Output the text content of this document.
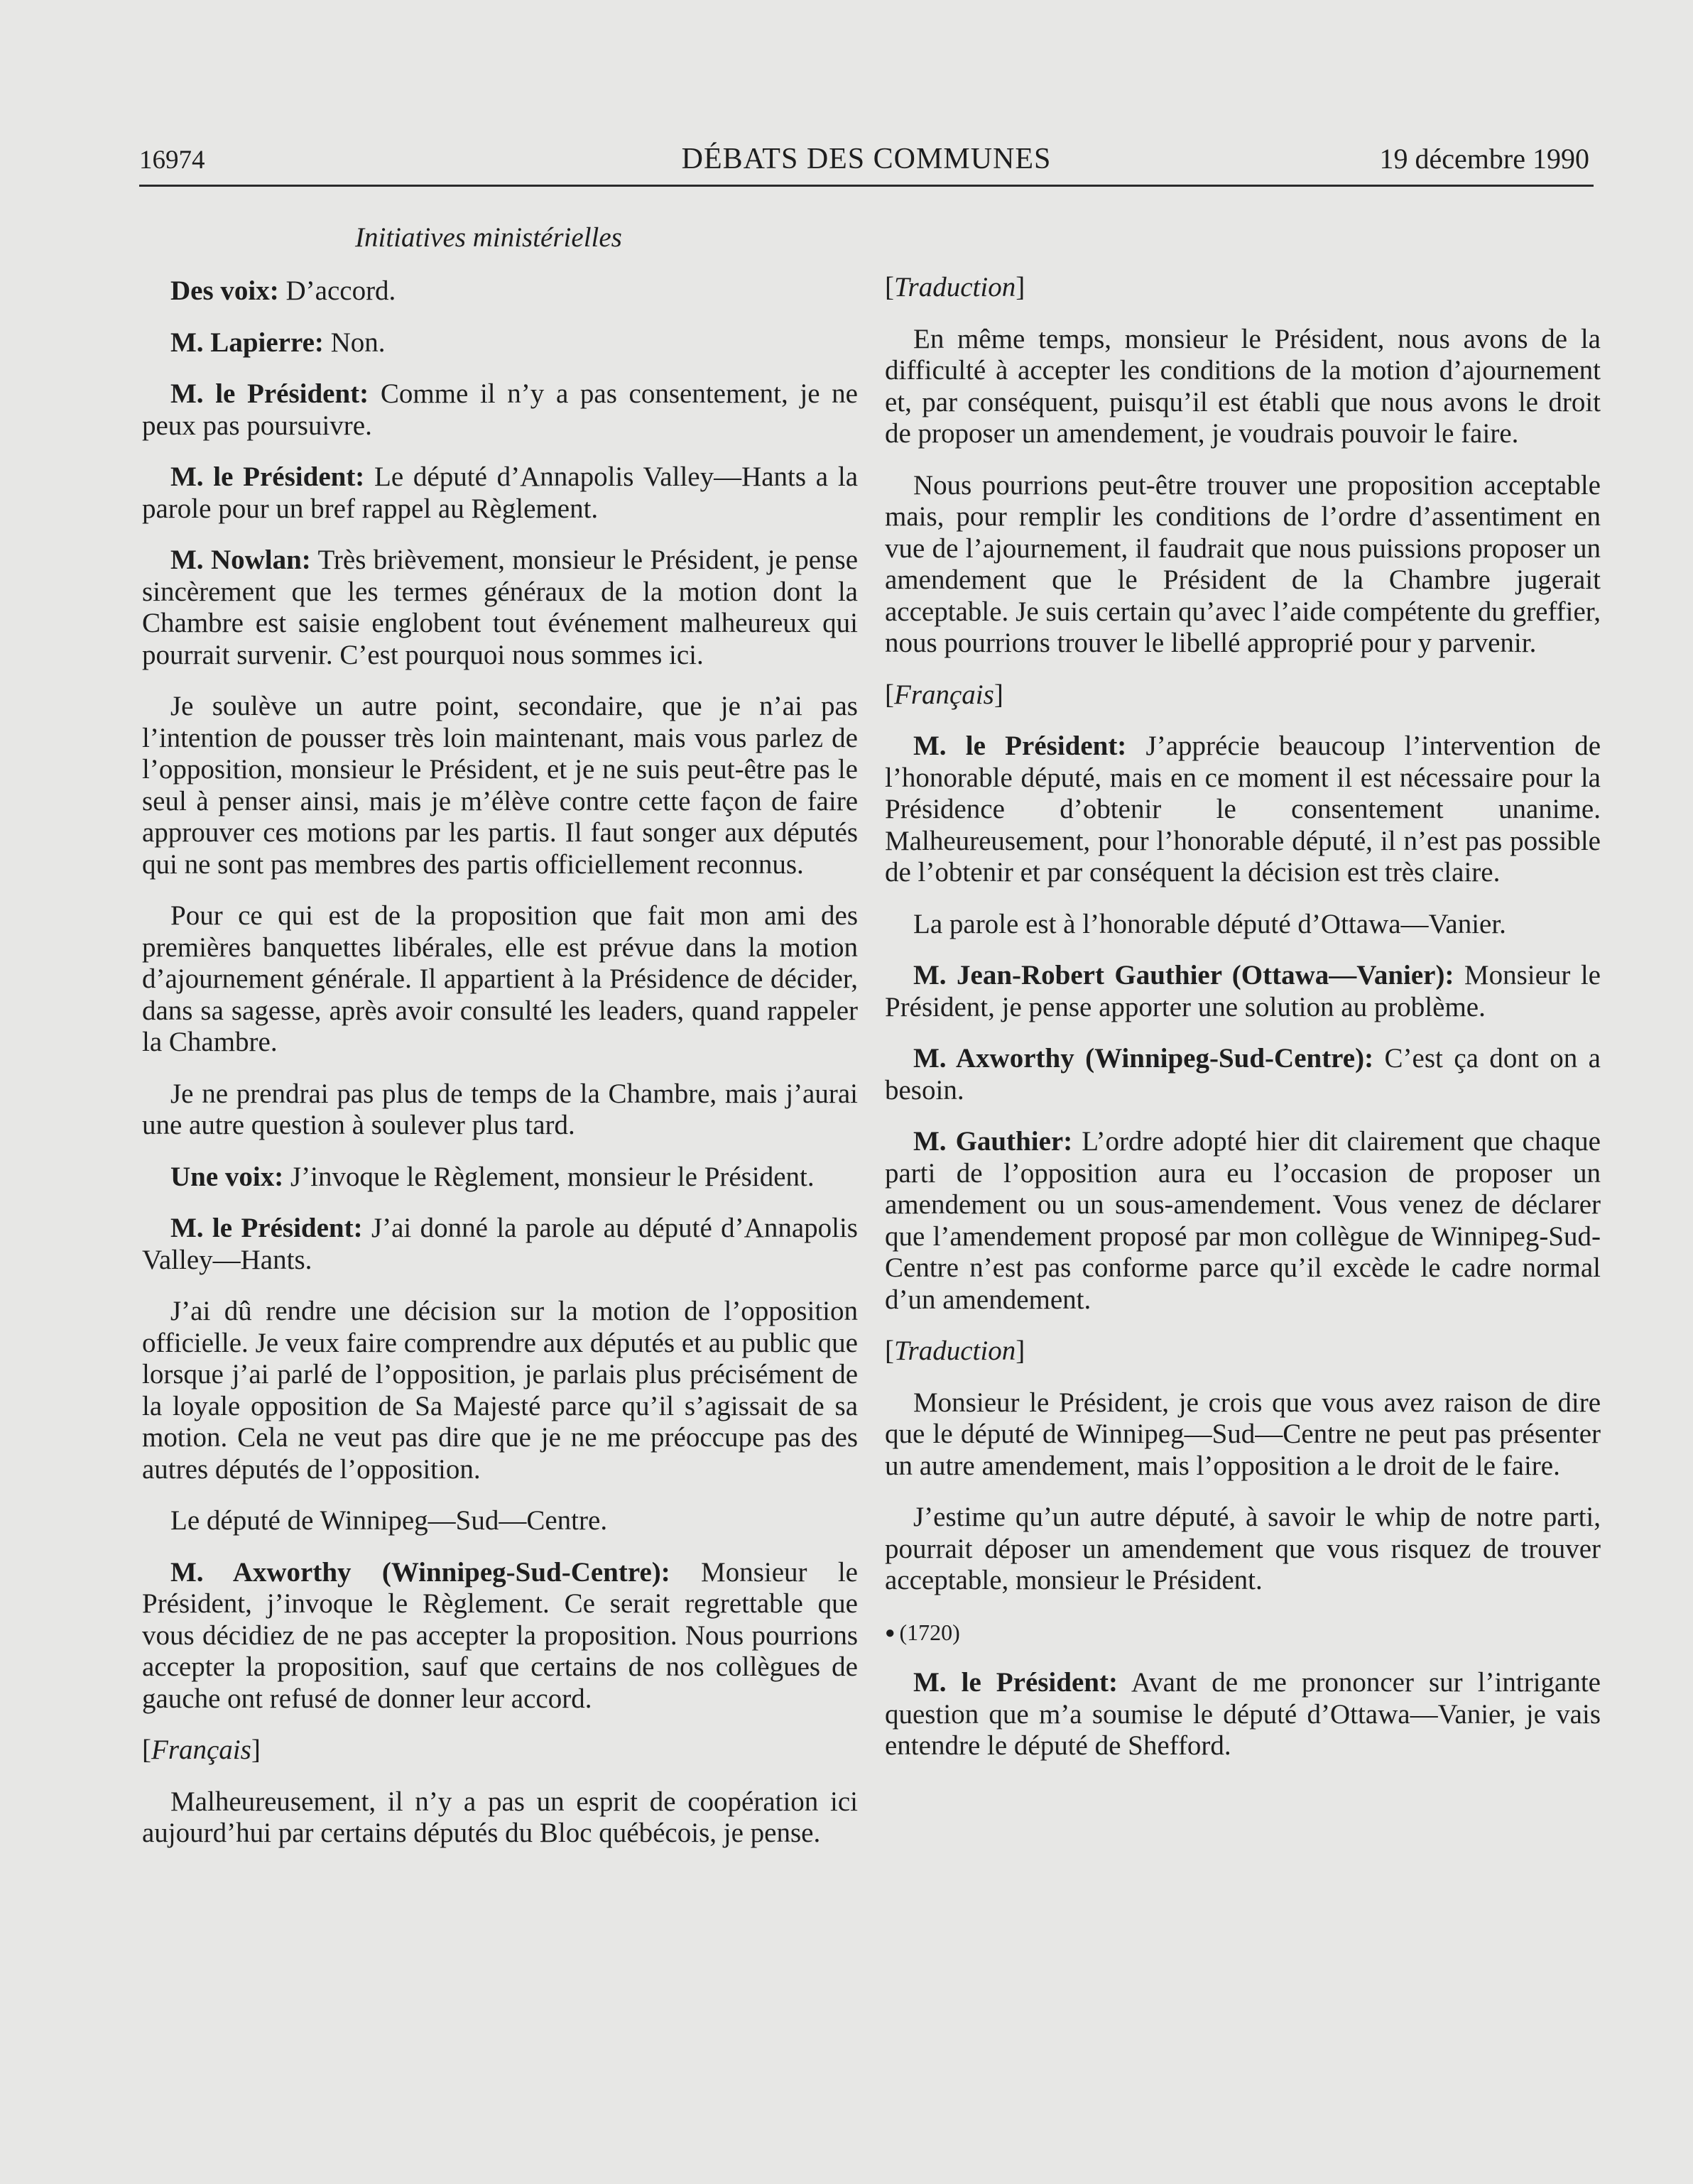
16974	DÉBATS DES COMMUNES	19 décembre 1990
Initiatives ministérielles

Des voix: D’accord.

M. Lapierre: Non.

M. le Président: Comme il n’y a pas consentement, je ne peux pas poursuivre.

M. le Président: Le député d’Annapolis Valley—Hants a la parole pour un bref rappel au Règlement.

M. Nowlan: Très brièvement, monsieur le Président, je pense sincèrement que les termes généraux de la motion dont la Chambre est saisie englobent tout événement malheureux qui pourrait survenir. C’est pourquoi nous sommes ici.

Je soulève un autre point, secondaire, que je n’ai pas l’intention de pousser très loin maintenant, mais vous parlez de l’opposition, monsieur le Président, et je ne suis peut-être pas le seul à penser ainsi, mais je m’élève contre cette façon de faire approuver ces motions par les partis. Il faut songer aux députés qui ne sont pas membres des partis officiellement reconnus.

Pour ce qui est de la proposition que fait mon ami des premières banquettes libérales, elle est prévue dans la motion d’ajournement générale. Il appartient à la Présidence de décider, dans sa sagesse, après avoir consulté les leaders, quand rappeler la Chambre.

Je ne prendrai pas plus de temps de la Chambre, mais j’aurai une autre question à soulever plus tard.

Une voix: J’invoque le Règlement, monsieur le Président.

M. le Président: J’ai donné la parole au député d’Annapolis Valley—Hants.

J’ai dû rendre une décision sur la motion de l’opposition officielle. Je veux faire comprendre aux députés et au public que lorsque j’ai parlé de l’opposition, je parlais plus précisément de la loyale opposition de Sa Majesté parce qu’il s’agissait de sa motion. Cela ne veut pas dire que je ne me préoccupe pas des autres députés de l’opposition.

Le député de Winnipeg—Sud—Centre.

M. Axworthy (Winnipeg-Sud-Centre): Monsieur le Président, j’invoque le Règlement. Ce serait regrettable que vous décidiez de ne pas accepter la proposition. Nous pourrions accepter la proposition, sauf que certains de nos collègues de gauche ont refusé de donner leur accord.

[Français]

Malheureusement, il n’y a pas un esprit de coopération ici aujourd’hui par certains députés du Bloc québécois, je pense.

[Traduction]

En même temps, monsieur le Président, nous avons de la difficulté à accepter les conditions de la motion d’ajournement et, par conséquent, puisqu’il est établi que nous avons le droit de proposer un amendement, je voudrais pouvoir le faire.

Nous pourrions peut-être trouver une proposition acceptable mais, pour remplir les conditions de l’ordre d’assentiment en vue de l’ajournement, il faudrait que nous puissions proposer un amendement que le Président de la Chambre jugerait acceptable. Je suis certain qu’avec l’aide compétente du greffier, nous pourrions trouver le libellé approprié pour y parvenir.

[Français]

M. le Président: J’apprécie beaucoup l’intervention de l’honorable député, mais en ce moment il est nécessaire pour la Présidence d’obtenir le consentement unanime. Malheureusement, pour l’honorable député, il n’est pas possible de l’obtenir et par conséquent la décision est très claire.

La parole est à l’honorable député d’Ottawa—Vanier.

M. Jean-Robert Gauthier (Ottawa—Vanier): Monsieur le Président, je pense apporter une solution au problème.

M. Axworthy (Winnipeg-Sud-Centre): C’est ça dont on a besoin.

M. Gauthier: L’ordre adopté hier dit clairement que chaque parti de l’opposition aura eu l’occasion de proposer un amendement ou un sous-amendement. Vous venez de déclarer que l’amendement proposé par mon collègue de Winnipeg-Sud-Centre n’est pas conforme parce qu’il excède le cadre normal d’un amendement.

[Traduction]

Monsieur le Président, je crois que vous avez raison de dire que le député de Winnipeg—Sud—Centre ne peut pas présenter un autre amendement, mais l’opposition a le droit de le faire.

J’estime qu’un autre député, à savoir le whip de notre parti, pourrait déposer un amendement que vous risquez de trouver acceptable, monsieur le Président.

● (1720)

M. le Président: Avant de me prononcer sur l’intrigante question que m’a soumise le député d’Ottawa—Vanier, je vais entendre le député de Shefford.
